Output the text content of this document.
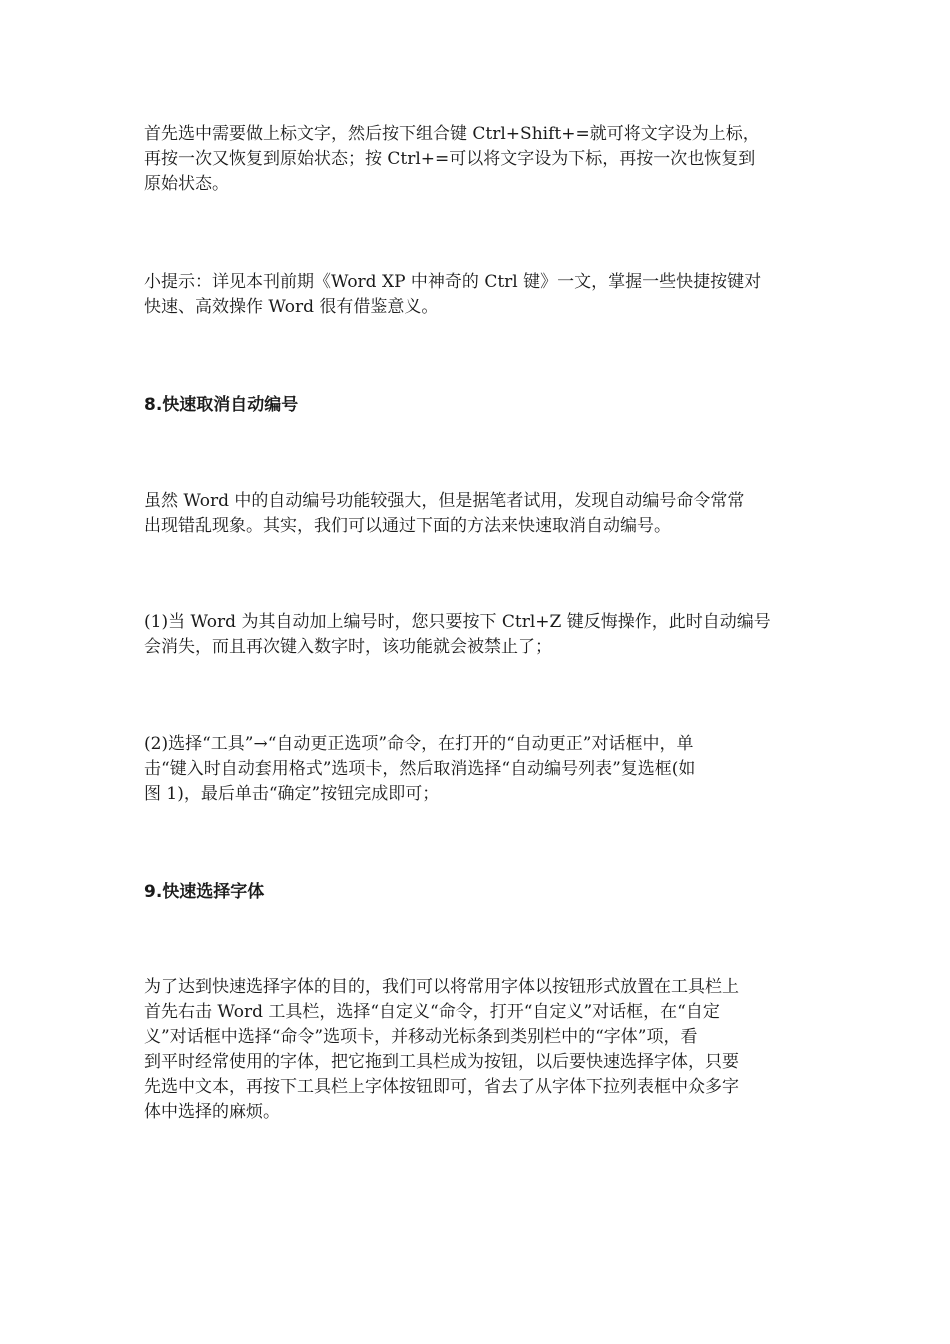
首先选中需要做上标文字，然后按下组合键 Ctrl+Shift+=就可将文字设为上标，
再按一次又恢复到原始状态；按 Ctrl+=可以将文字设为下标，再按一次也恢复到
原始状态。

小提示：详见本刊前期《Word XP 中神奇的 Ctrl 键》一文，掌握一些快捷按键对
快速、高效操作 Word 很有借鉴意义。

8.快速取消自动编号

虽然 Word 中的自动编号功能较强大，但是据笔者试用，发现自动编号命令常常
出现错乱现象。其实，我们可以通过下面的方法来快速取消自动编号。

(1)当 Word 为其自动加上编号时，您只要按下 Ctrl+Z 键反悔操作，此时自动编号
会消失，而且再次键入数字时，该功能就会被禁止了；

(2)选择“工具”→“自动更正选项”命令，在打开的“自动更正”对话框中，单
击“键入时自动套用格式”选项卡，然后取消选择“自动编号列表”复选框(如
图 1)，最后单击“确定”按钮完成即可；

9.快速选择字体

为了达到快速选择字体的目的，我们可以将常用字体以按钮形式放置在工具栏上
首先右击 Word 工具栏，选择“自定义“命令，打开“自定义”对话框，在“自定
义”对话框中选择“命令”选项卡，并移动光标条到类别栏中的“字体”项，看
到平时经常使用的字体，把它拖到工具栏成为按钮，以后要快速选择字体，只要
先选中文本，再按下工具栏上字体按钮即可，省去了从字体下拉列表框中众多字
体中选择的麻烦。
